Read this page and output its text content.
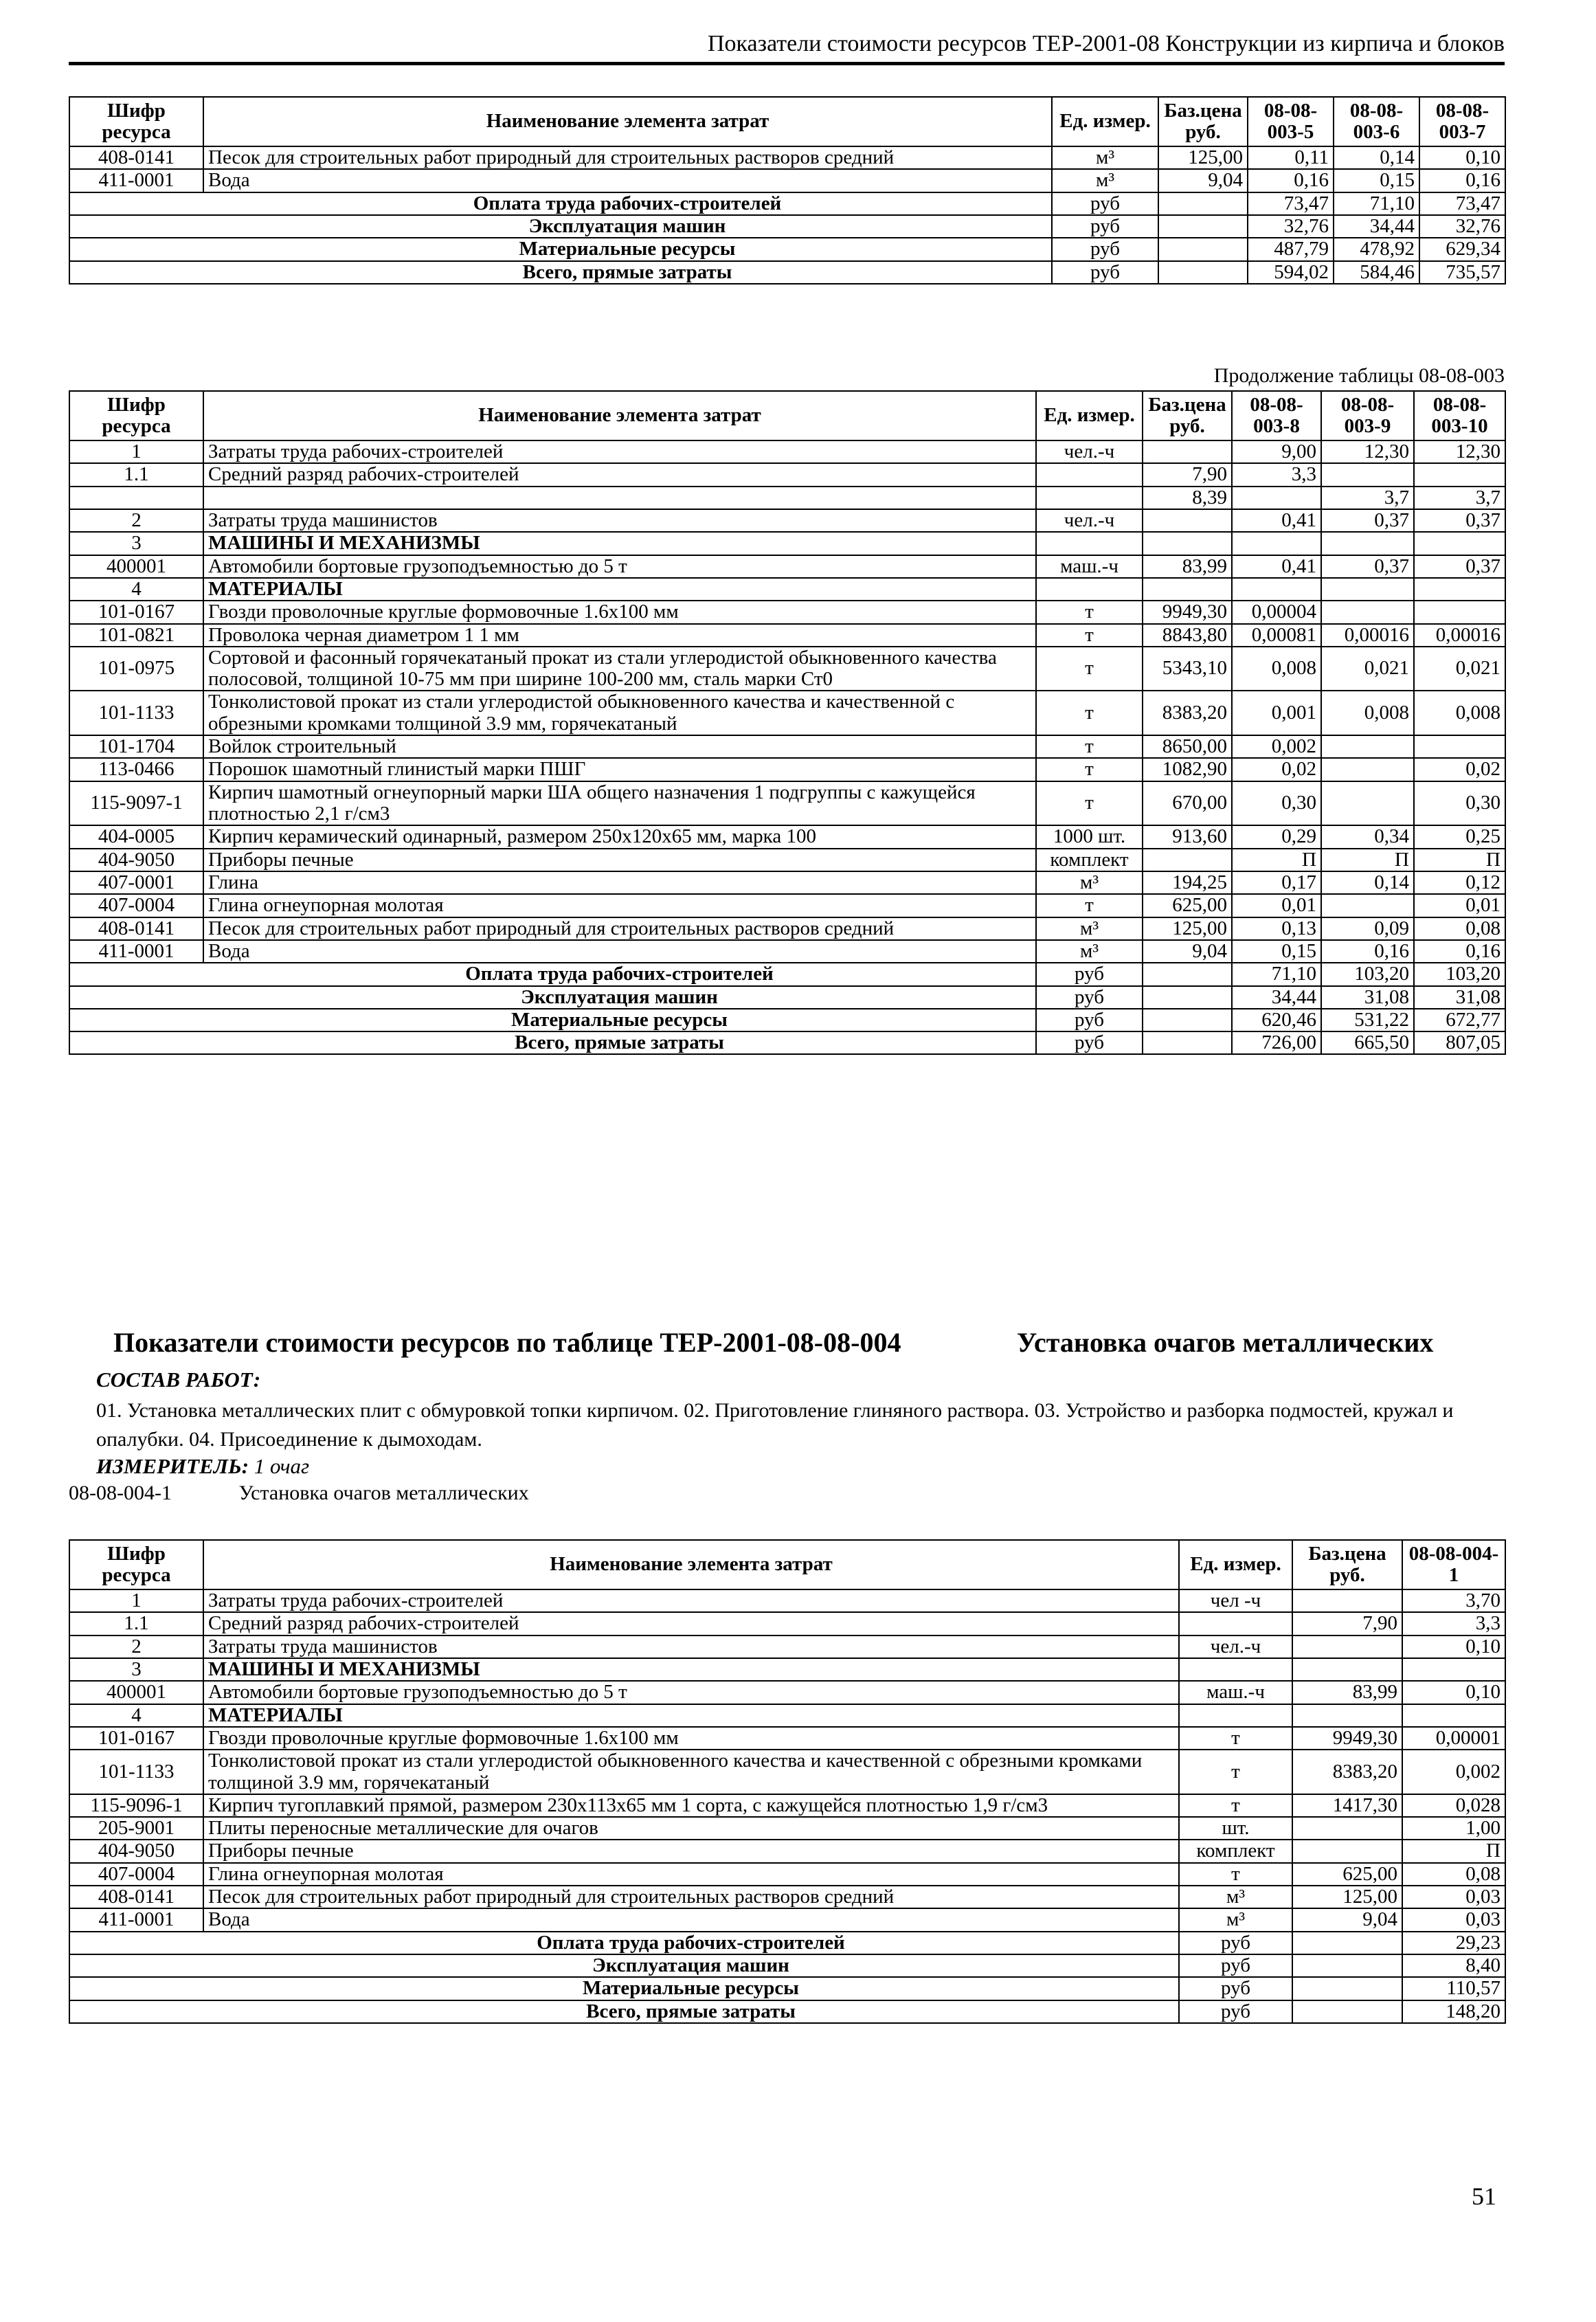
Показатели стоимости ресурсов ТЕР-2001-08 Конструкции из кирпича и блоков
Шифр ресурса	Наименование элемента затрат	Ед. измер.	Баз.цена руб.	08-08-003-5	08-08-003-6	08-08-003-7
408-0141	Песок для строительных работ природный для строительных растворов средний	м³	125,00	0,11	0,14	0,10
411-0001	Вода	м³	9,04	0,16	0,15	0,16
	Оплата труда рабочих-строителей	руб		73,47	71,10	73,47
	Эксплуатация машин	руб		32,76	34,44	32,76
	Материальные ресурсы	руб		487,79	478,92	629,34
	Всего, прямые затраты	руб		594,02	584,46	735,57
Продолжение таблицы 08-08-003
Шифр ресурса	Наименование элемента затрат	Ед. измер.	Баз.цена руб.	08-08-003-8	08-08-003-9	08-08-003-10
1	Затраты труда рабочих-строителей	чел.-ч		9,00	12,30	12,30
1.1	Средний разряд рабочих-строителей		7,90	3,3		
			8,39		3,7	3,7
2	Затраты труда машинистов	чел.-ч		0,41	0,37	0,37
3	МАШИНЫ И МЕХАНИЗМЫ					
400001	Автомобили бортовые грузоподъемностью до 5 т	маш.-ч	83,99	0,41	0,37	0,37
4	МАТЕРИАЛЫ					
101-0167	Гвозди проволочные круглые формовочные 1.6х100 мм	т	9949,30	0,00004		
101-0821	Проволока черная диаметром 1 1 мм	т	8843,80	0,00081	0,00016	0,00016
101-0975	Сортовой и фасонный горячекатаный прокат из стали углеродистой обыкновенного качества полосовой, толщиной 10-75 мм при ширине 100-200 мм, сталь марки Ст0	т	5343,10	0,008	0,021	0,021
101-1133	Тонколистовой прокат из стали углеродистой обыкновенного качества и качественной с обрезными кромками толщиной 3.9 мм, горячекатаный	т	8383,20	0,001	0,008	0,008
101-1704	Войлок строительный	т	8650,00	0,002		
113-0466	Порошок шамотный глинистый марки ПШГ	т	1082,90	0,02		0,02
115-9097-1	Кирпич шамотный огнеупорный марки ША общего назначения 1 подгруппы с кажущейся плотностью 2,1 г/см3	т	670,00	0,30		0,30
404-0005	Кирпич керамический одинарный, размером 250х120х65 мм, марка 100	1000 шт.	913,60	0,29	0,34	0,25
404-9050	Приборы печные	комплект		П	П	П
407-0001	Глина	м³	194,25	0,17	0,14	0,12
407-0004	Глина огнеупорная молотая	т	625,00	0,01		0,01
408-0141	Песок для строительных работ природный для строительных растворов средний	м³	125,00	0,13	0,09	0,08
411-0001	Вода	м³	9,04	0,15	0,16	0,16
	Оплата труда рабочих-строителей	руб		71,10	103,20	103,20
	Эксплуатация машин	руб		34,44	31,08	31,08
	Материальные ресурсы	руб		620,46	531,22	672,77
	Всего, прямые затраты	руб		726,00	665,50	807,05
Показатели стоимости ресурсов по таблице ТЕР-2001-08-08-004	Установка очагов металлических
СОСТАВ РАБОТ:
01. Установка металлических плит с обмуровкой топки кирпичом. 02. Приготовление глиняного раствора. 03. Устройство и разборка подмостей, кружал и опалубки. 04. Присоединение к дымоходам.
ИЗМЕРИТЕЛЬ: 1 очаг
08-08-004-1	Установка очагов металлических
Шифр ресурса	Наименование элемента затрат	Ед. измер.	Баз.цена руб.	08-08-004-1
1	Затраты труда рабочих-строителей	чел -ч		3,70
1.1	Средний разряд рабочих-строителей		7,90	3,3
2	Затраты труда машинистов	чел.-ч		0,10
3	МАШИНЫ И МЕХАНИЗМЫ			
400001	Автомобили бортовые грузоподъемностью до 5 т	маш.-ч	83,99	0,10
4	МАТЕРИАЛЫ			
101-0167	Гвозди проволочные круглые формовочные 1.6х100 мм	т	9949,30	0,00001
101-1133	Тонколистовой прокат из стали углеродистой обыкновенного качества и качественной с обрезными кромками толщиной 3.9 мм, горячекатаный	т	8383,20	0,002
115-9096-1	Кирпич тугоплавкий прямой, размером 230х113х65 мм 1 сорта, с кажущейся плотностью 1,9 г/см3	т	1417,30	0,028
205-9001	Плиты переносные металлические для очагов	шт.		1,00
404-9050	Приборы печные	комплект		П
407-0004	Глина огнеупорная молотая	т	625,00	0,08
408-0141	Песок для строительных работ природный для строительных растворов средний	м³	125,00	0,03
411-0001	Вода	м³	9,04	0,03
	Оплата труда рабочих-строителей	руб		29,23
	Эксплуатация машин	руб		8,40
	Материальные ресурсы	руб		110,57
	Всего, прямые затраты	руб		148,20
51
